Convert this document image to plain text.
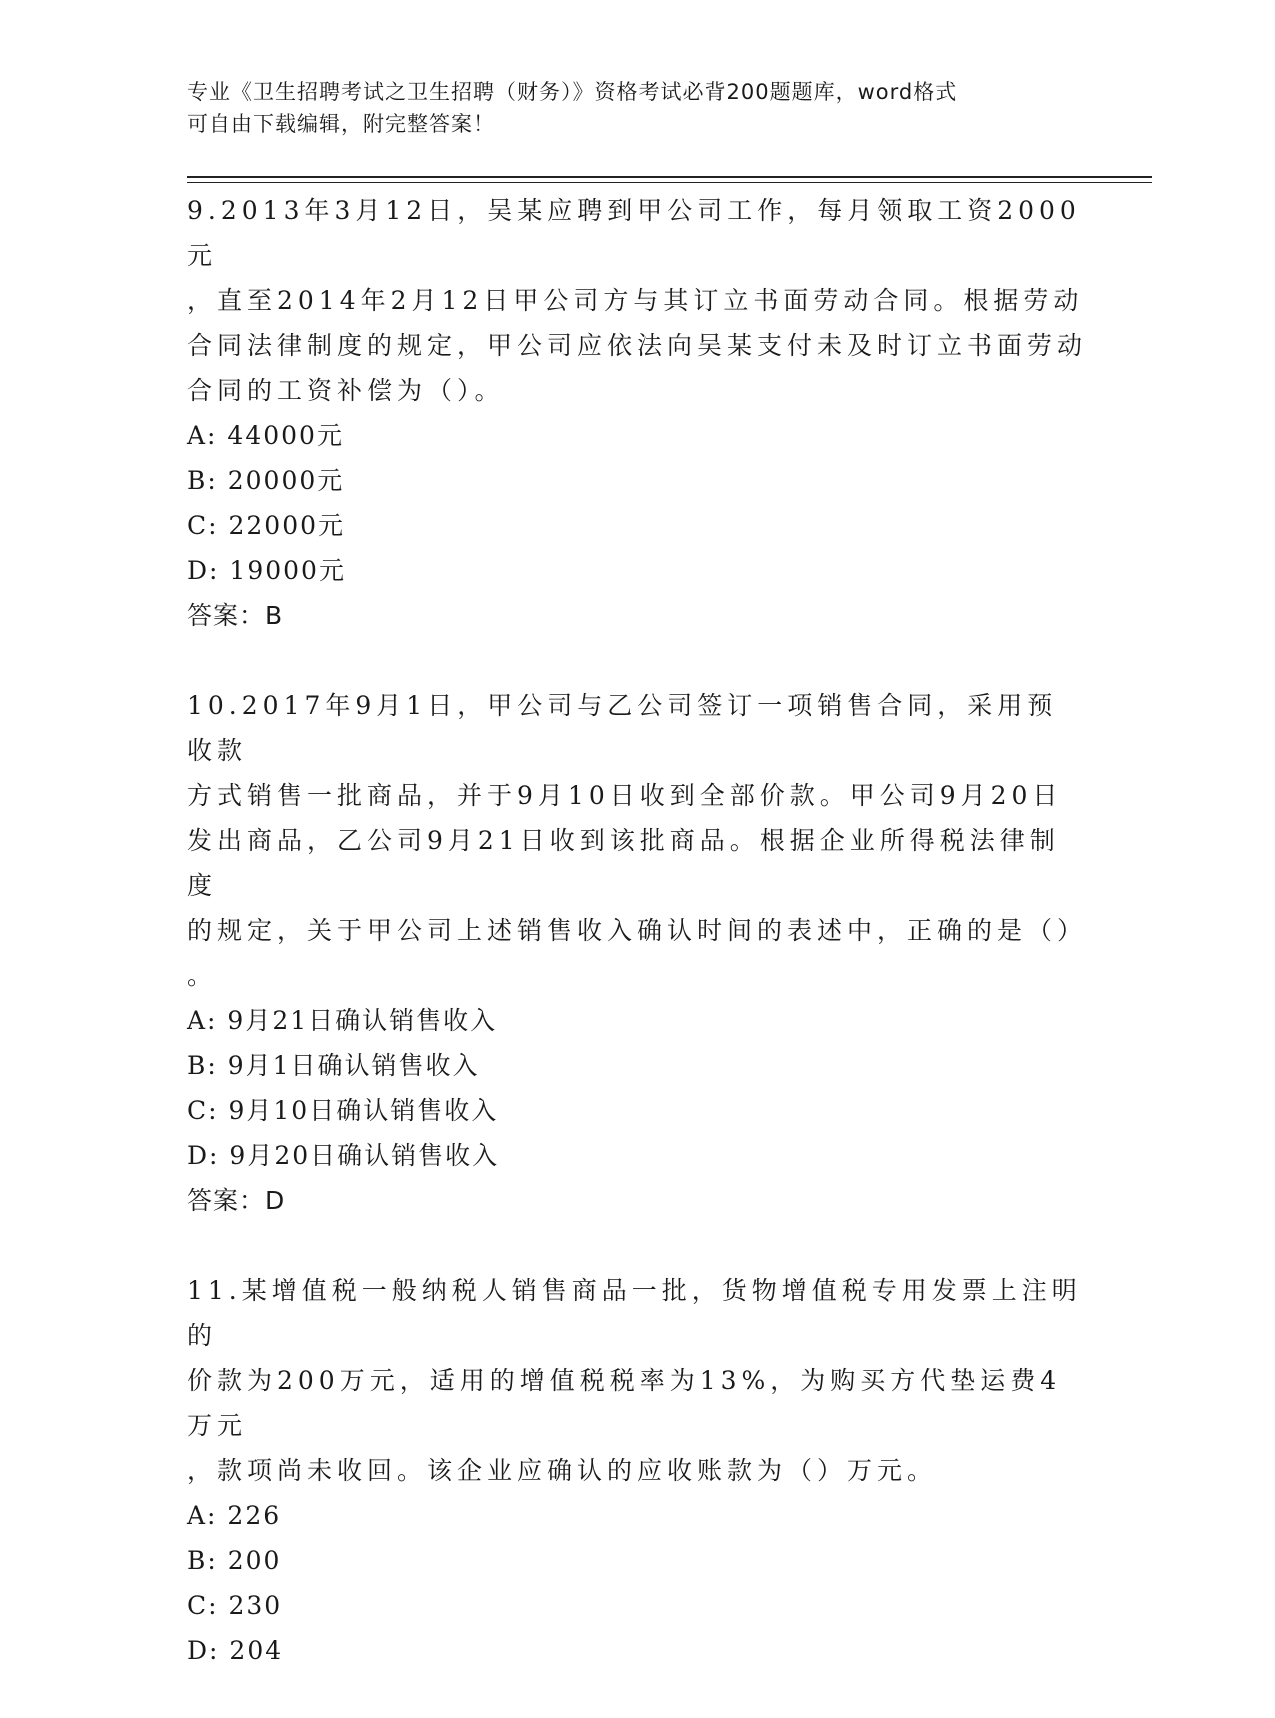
专业《卫生招聘考试之卫生招聘（财务）》资格考试必背200题题库，word格式
可自由下载编辑，附完整答案！

9.2013年3月12日，吴某应聘到甲公司工作，每月领取工资2000元
，直至2014年2月12日甲公司方与其订立书面劳动合同。根据劳动
合同法律制度的规定，甲公司应依法向吴某支付未及时订立书面劳动
合同的工资补偿为（）。

A: 44000元

B: 20000元

C: 22000元

D: 19000元

答案：B

10.2017年9月1日，甲公司与乙公司签订一项销售合同，采用预收款
方式销售一批商品，并于9月10日收到全部价款。甲公司9月20日
发出商品，乙公司9月21日收到该批商品。根据企业所得税法律制度
的规定，关于甲公司上述销售收入确认时间的表述中，正确的是（）
。

A: 9月21日确认销售收入

B: 9月1日确认销售收入

C: 9月10日确认销售收入

D: 9月20日确认销售收入

答案：D

11.某增值税一般纳税人销售商品一批，货物增值税专用发票上注明的
价款为200万元，适用的增值税税率为13%，为购买方代垫运费4万元
，款项尚未收回。该企业应确认的应收账款为（）万元。

A: 226

B: 200

C: 230

D: 204
